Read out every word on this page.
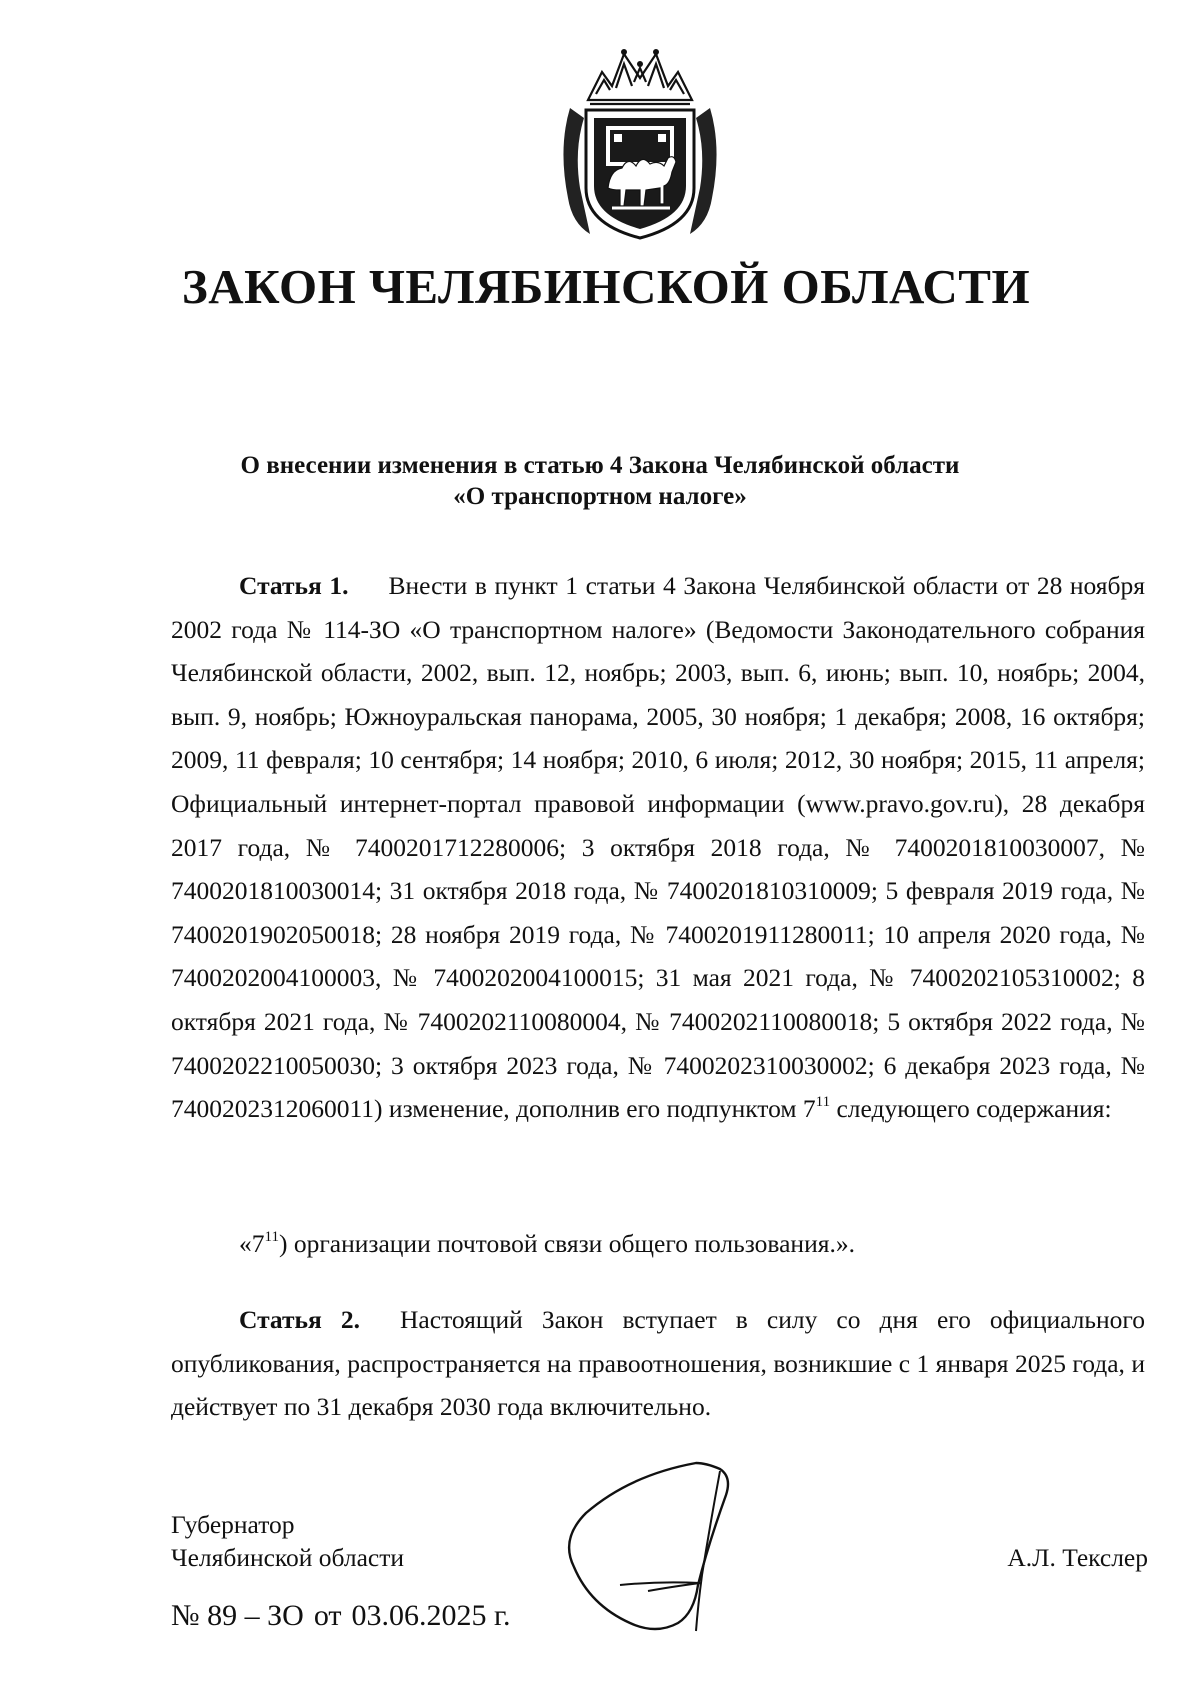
ЗАКОН ЧЕЛЯБИНСКОЙ ОБЛАСТИ
О внесении изменения в статью 4 Закона Челябинской области
«О транспортном налоге»

Статья 1. Внести в пункт 1 статьи 4 Закона Челябинской области от 28 ноября 2002 года № 114-ЗО «О транспортном налоге» (Ведомости Законодательного собрания Челябинской области, 2002, вып. 12, ноябрь; 2003, вып. 6, июнь; вып. 10, ноябрь; 2004, вып. 9, ноябрь; Южноуральская панорама, 2005, 30 ноября; 1 декабря; 2008, 16 октября; 2009, 11 февраля; 10 сентября; 14 ноября; 2010, 6 июля; 2012, 30 ноября; 2015, 11 апреля; Официальный интернет-портал правовой информации (www.pravo.gov.ru), 28 декабря 2017 года, № 7400201712280006; 3 октября 2018 года, № 7400201810030007, № 7400201810030014; 31 октября 2018 года, № 7400201810310009; 5 февраля 2019 года, № 7400201902050018; 28 ноября 2019 года, № 7400201911280011; 10 апреля 2020 года, № 7400202004100003, № 7400202004100015; 31 мая 2021 года, № 7400202105310002; 8 октября 2021 года, № 7400202110080004, № 7400202110080018; 5 октября 2022 года, № 7400202210050030; 3 октября 2023 года, № 7400202310030002; 6 декабря 2023 года, № 7400202312060011) изменение, дополнив его подпунктом $7^{11}$ следующего содержания:

«$7^{11}$) организации почтовой связи общего пользования.».

Статья 2. Настоящий Закон вступает в силу со дня его официального опубликования, распространяется на правоотношения, возникшие с 1 января 2025 года, и действует по 31 декабря 2030 года включительно.

Губернатор
Челябинской области	А.Л. Текслер
№ 89 – ЗО от 03.06.2025 г.
